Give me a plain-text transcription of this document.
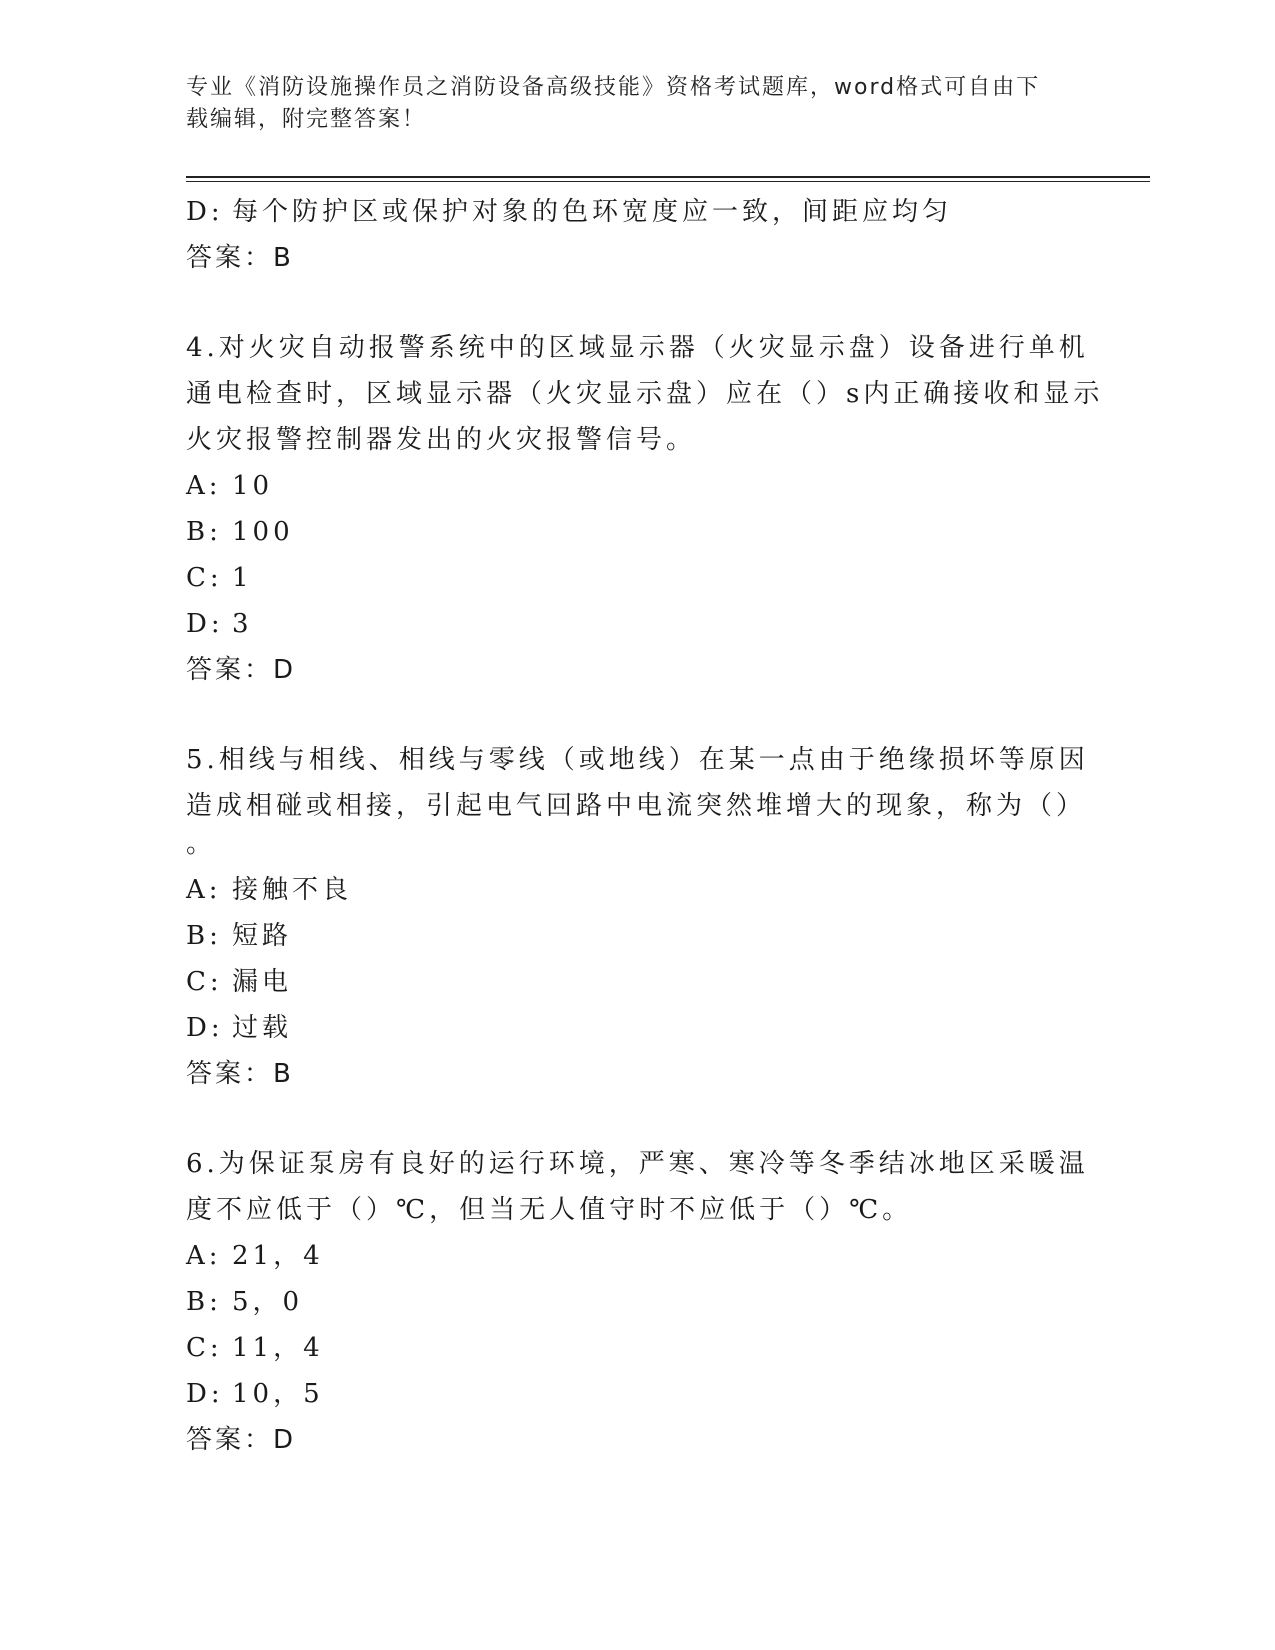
专业《消防设施操作员之消防设备高级技能》资格考试题库，word格式可自由下
载编辑，附完整答案！
D: 每个防护区或保护对象的色环宽度应一致，间距应均匀
答案：B
4.对火灾自动报警系统中的区域显示器（火灾显示盘）设备进行单机
通电检查时，区域显示器（火灾显示盘）应在（）s内正确接收和显示
火灾报警控制器发出的火灾报警信号。
A: 10
B: 100
C: 1
D: 3
答案：D
5.相线与相线、相线与零线（或地线）在某一点由于绝缘损坏等原因
造成相碰或相接，引起电气回路中电流突然堆增大的现象，称为（）
。
A: 接触不良
B: 短路
C: 漏电
D: 过载
答案：B
6.为保证泵房有良好的运行环境，严寒、寒冷等冬季结冰地区采暖温
度不应低于（）℃，但当无人值守时不应低于（）℃。
A: 21，4
B: 5，0
C: 11，4
D: 10，5
答案：D
